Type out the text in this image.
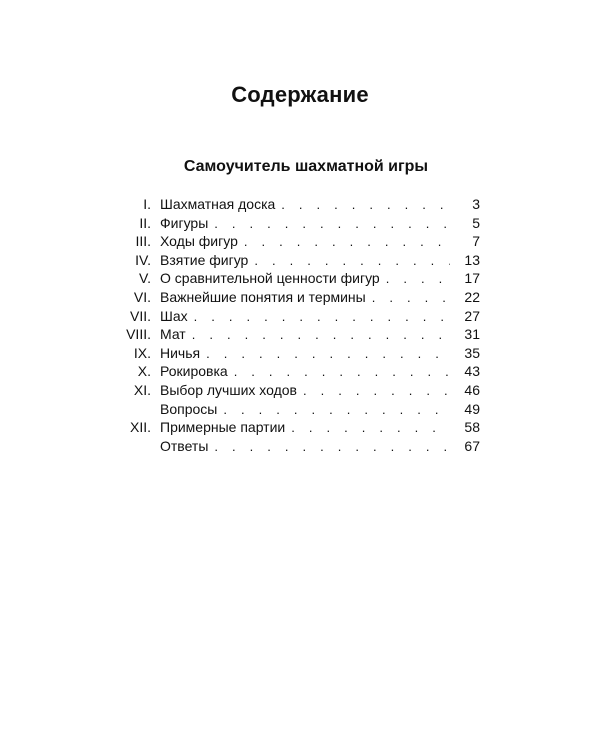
Содержание
Самоучитель шахматной игры
I. Шахматная доска . . .	3
II. Фигуры . . .	5
III. Ходы фигур . . .	7
IV. Взятие фигур . . .	13
V. О сравнительной ценности фигур . . .	17
VI. Важнейшие понятия и термины . . .	22
VII. Шах . . .	27
VIII. Мат . . .	31
IX. Ничья . . .	35
X. Рокировка . . .	43
XI. Выбор лучших ходов . . .	46
Вопросы . . .	49
XII. Примерные партии . . .	58
Ответы . . .	67
